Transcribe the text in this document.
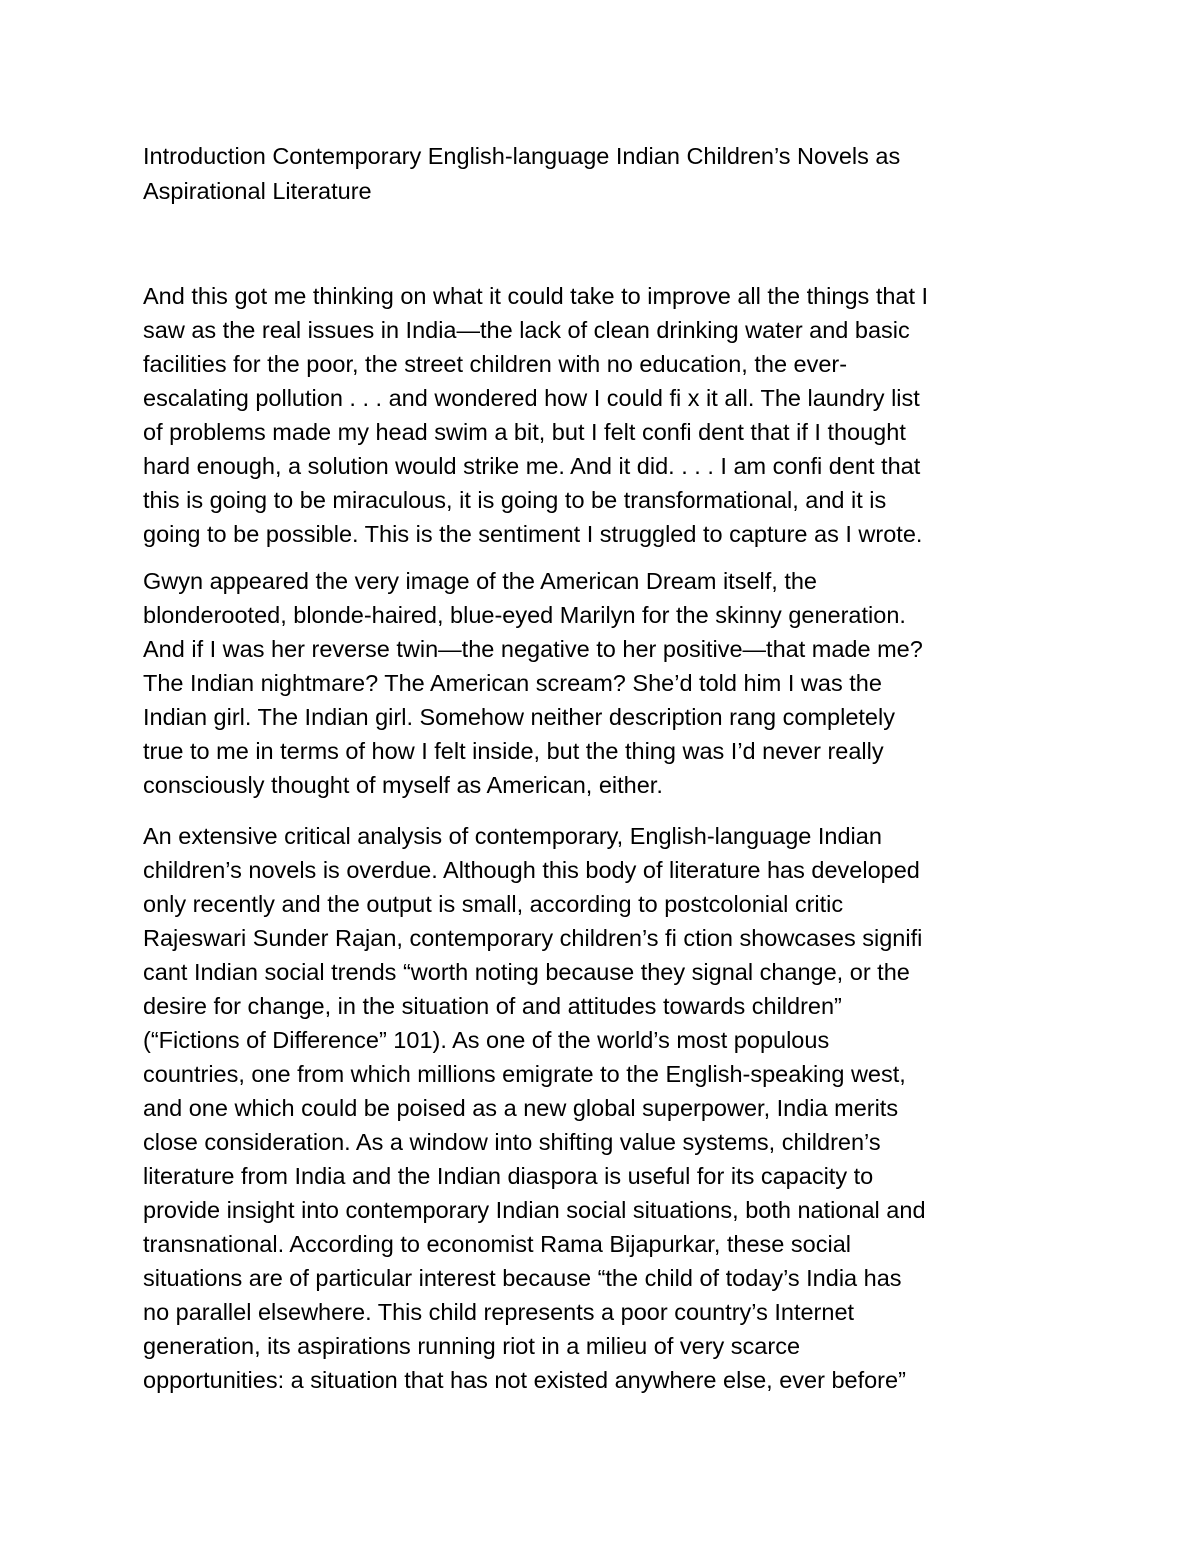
Introduction Contemporary English-language Indian Children’s Novels as
Aspirational Literature
And this got me thinking on what it could take to improve all the things that I
saw as the real issues in India—the lack of clean drinking water and basic
facilities for the poor, the street children with no education, the ever-
escalating pollution . . . and wondered how I could fi x it all. The laundry list
of problems made my head swim a bit, but I felt confi dent that if I thought
hard enough, a solution would strike me. And it did. . . . I am confi dent that
this is going to be miraculous, it is going to be transformational, and it is
going to be possible. This is the sentiment I struggled to capture as I wrote.
Gwyn appeared the very image of the American Dream itself, the
blonderooted, blonde-haired, blue-eyed Marilyn for the skinny generation.
And if I was her reverse twin—the negative to her positive—that made me?
The Indian nightmare? The American scream? She’d told him I was the
Indian girl. The Indian girl. Somehow neither description rang completely
true to me in terms of how I felt inside, but the thing was I’d never really
consciously thought of myself as American, either.
An extensive critical analysis of contemporary, English-language Indian
children’s novels is overdue. Although this body of literature has developed
only recently and the output is small, according to postcolonial critic
Rajeswari Sunder Rajan, contemporary children’s fi ction showcases signifi
cant Indian social trends “worth noting because they signal change, or the
desire for change, in the situation of and attitudes towards children”
(“Fictions of Difference” 101). As one of the world’s most populous
countries, one from which millions emigrate to the English-speaking west,
and one which could be poised as a new global superpower, India merits
close consideration. As a window into shifting value systems, children’s
literature from India and the Indian diaspora is useful for its capacity to
provide insight into contemporary Indian social situations, both national and
transnational. According to economist Rama Bijapurkar, these social
situations are of particular interest because “the child of today’s India has
no parallel elsewhere. This child represents a poor country’s Internet
generation, its aspirations running riot in a milieu of very scarce
opportunities: a situation that has not existed anywhere else, ever before”
